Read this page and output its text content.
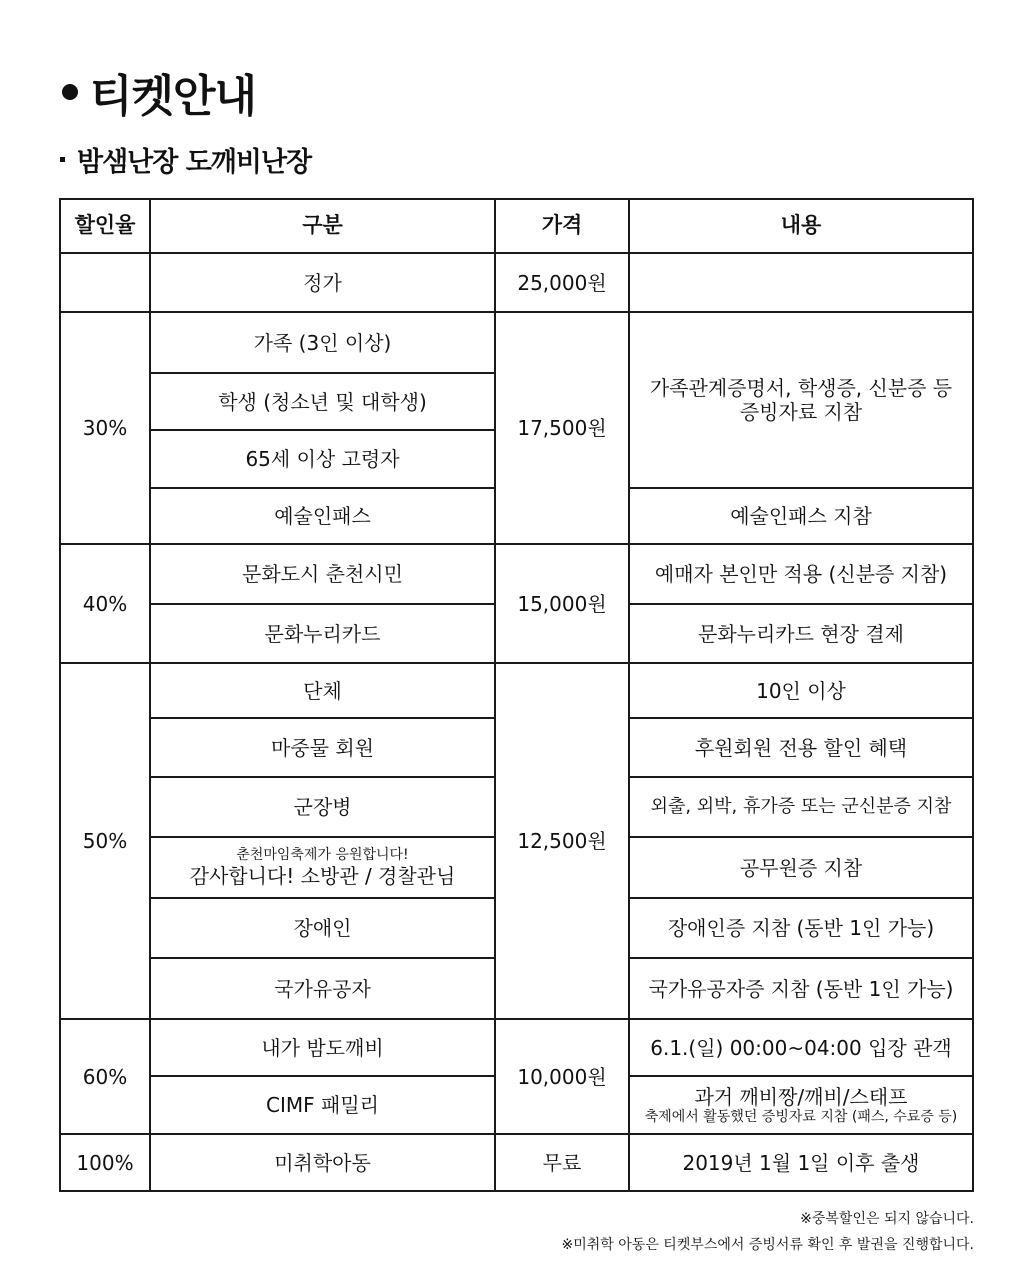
티켓안내
밤샘난장 도깨비난장
할인율	구분	가격	내용
	정가	25,000원	
30%	가족 (3인 이상)	17,500원	가족관계증명서, 학생증, 신분증 등
증빙자료 지참

	학생 (청소년 및 대학생)		
	65세 이상 고령자		
	예술인패스		예술인패스 지참
40%	문화도시 춘천시민	15,000원	예매자 본인만 적용 (신분증 지참)
	문화누리카드		문화누리카드 현장 결제
50%	단체	12,500원	10인 이상
	마중물 회원		후원회원 전용 할인 혜택
	군장병		외출, 외박, 휴가증 또는 군신분증 지참

	춘천마임축제가 응원합니다!
감사합니다! 소방관 / 경찰관님		공무원증 지참
	장애인		장애인증 지참 (동반 1인 가능)
	국가유공자		국가유공자증 지참 (동반 1인 가능)
60%	내가 밤도깨비	10,000원	6.1.(일) 00:00~04:00 입장 관객
	CIMF 패밀리		과거 깨비짱/깨비/스태프
축제에서 활동했던 증빙자료 지참 (패스, 수료증 등)

100%	미취학아동	무료	2019년 1월 1일 이후 출생
※중복할인은 되지 않습니다.
※미취학 아동은 티켓부스에서 증빙서류 확인 후 발권을 진행합니다.
